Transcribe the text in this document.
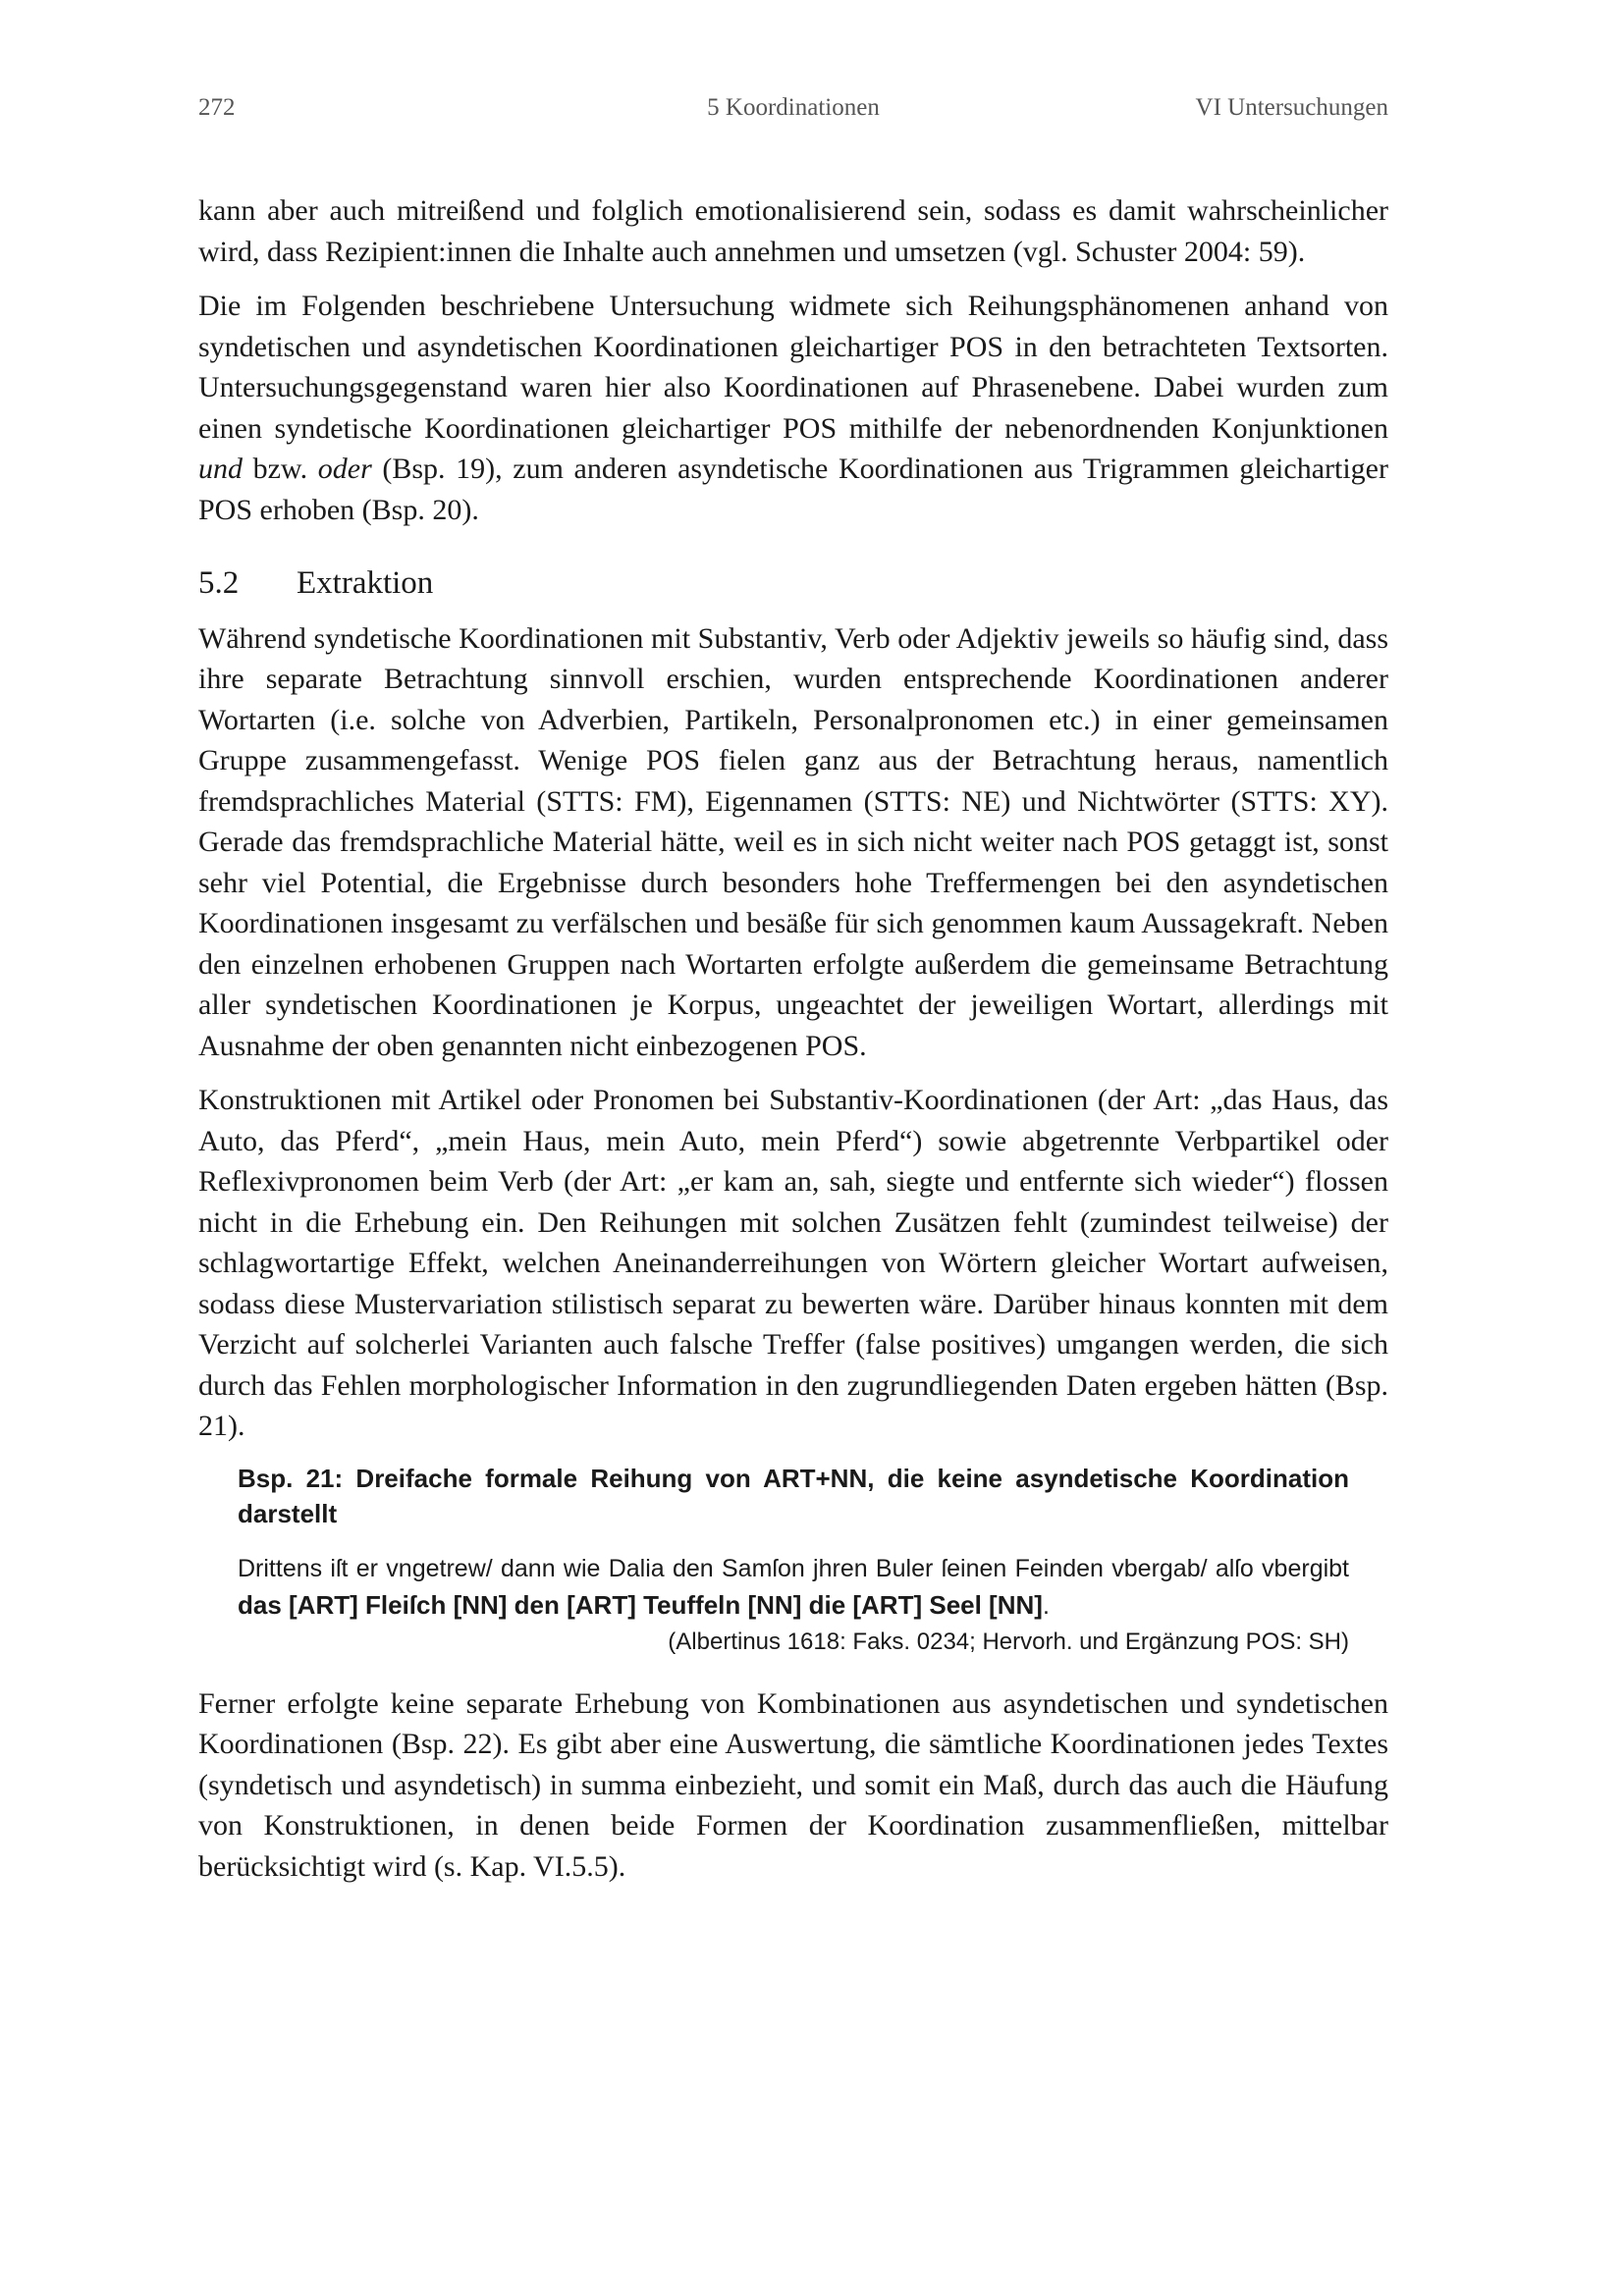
272	5 Koordinationen	VI Untersuchungen

kann aber auch mitreißend und folglich emotionalisierend sein, sodass es damit wahrscheinlicher wird, dass Rezipient:innen die Inhalte auch annehmen und umsetzen (vgl. Schuster 2004: 59).

Die im Folgenden beschriebene Untersuchung widmete sich Reihungsphänomenen anhand von syndetischen und asyndetischen Koordinationen gleichartiger POS in den betrachteten Textsorten. Untersuchungsgegenstand waren hier also Koordinationen auf Phrasenebene. Dabei wurden zum einen syndetische Koordinationen gleichartiger POS mithilfe der nebenordnenden Konjunktionen und bzw. oder (Bsp. 19), zum anderen asyndetische Koordinationen aus Trigrammen gleichartiger POS erhoben (Bsp. 20).

5.2	Extraktion

Während syndetische Koordinationen mit Substantiv, Verb oder Adjektiv jeweils so häufig sind, dass ihre separate Betrachtung sinnvoll erschien, wurden entsprechende Koordinationen anderer Wortarten (i.e. solche von Adverbien, Partikeln, Personalpronomen etc.) in einer gemeinsamen Gruppe zusammengefasst. Wenige POS fielen ganz aus der Betrachtung heraus, namentlich fremdsprachliches Material (STTS: FM), Eigennamen (STTS: NE) und Nichtwörter (STTS: XY). Gerade das fremdsprachliche Material hätte, weil es in sich nicht weiter nach POS getaggt ist, sonst sehr viel Potential, die Ergebnisse durch besonders hohe Treffermengen bei den asyndetischen Koordinationen insgesamt zu verfälschen und besäße für sich genommen kaum Aussagekraft. Neben den einzelnen erhobenen Gruppen nach Wortarten erfolgte außerdem die gemeinsame Betrachtung aller syndetischen Koordinationen je Korpus, ungeachtet der jeweiligen Wortart, allerdings mit Ausnahme der oben genannten nicht einbezogenen POS.

Konstruktionen mit Artikel oder Pronomen bei Substantiv-Koordinationen (der Art: „das Haus, das Auto, das Pferd“, „mein Haus, mein Auto, mein Pferd“) sowie abgetrennte Verbpartikel oder Reflexivpronomen beim Verb (der Art: „er kam an, sah, siegte und entfernte sich wieder“) flossen nicht in die Erhebung ein. Den Reihungen mit solchen Zusätzen fehlt (zumindest teilweise) der schlagwortartige Effekt, welchen Aneinanderreihungen von Wörtern gleicher Wortart aufweisen, sodass diese Mustervariation stilistisch separat zu bewerten wäre. Darüber hinaus konnten mit dem Verzicht auf solcherlei Varianten auch falsche Treffer (false positives) umgangen werden, die sich durch das Fehlen morphologischer Information in den zugrundliegenden Daten ergeben hätten (Bsp. 21).

Bsp. 21: Dreifache formale Reihung von ART+NN, die keine asyndetische Koordination darstellt
Drittens iſt er vngetrew/ dann wie Dalia den Samſon jhren Buler ſeinen Feinden vbergab/ alſo vbergibt das [ART] Fleiſch [NN] den [ART] Teuffeln [NN] die [ART] Seel [NN].
(Albertinus 1618: Faks. 0234; Hervorh. und Ergänzung POS: SH)

Ferner erfolgte keine separate Erhebung von Kombinationen aus asyndetischen und syndetischen Koordinationen (Bsp. 22). Es gibt aber eine Auswertung, die sämtliche Koordinationen jedes Textes (syndetisch und asyndetisch) in summa einbezieht, und somit ein Maß, durch das auch die Häufung von Konstruktionen, in denen beide Formen der Koordination zusammenfließen, mittelbar berücksichtigt wird (s. Kap. VI.5.5).
